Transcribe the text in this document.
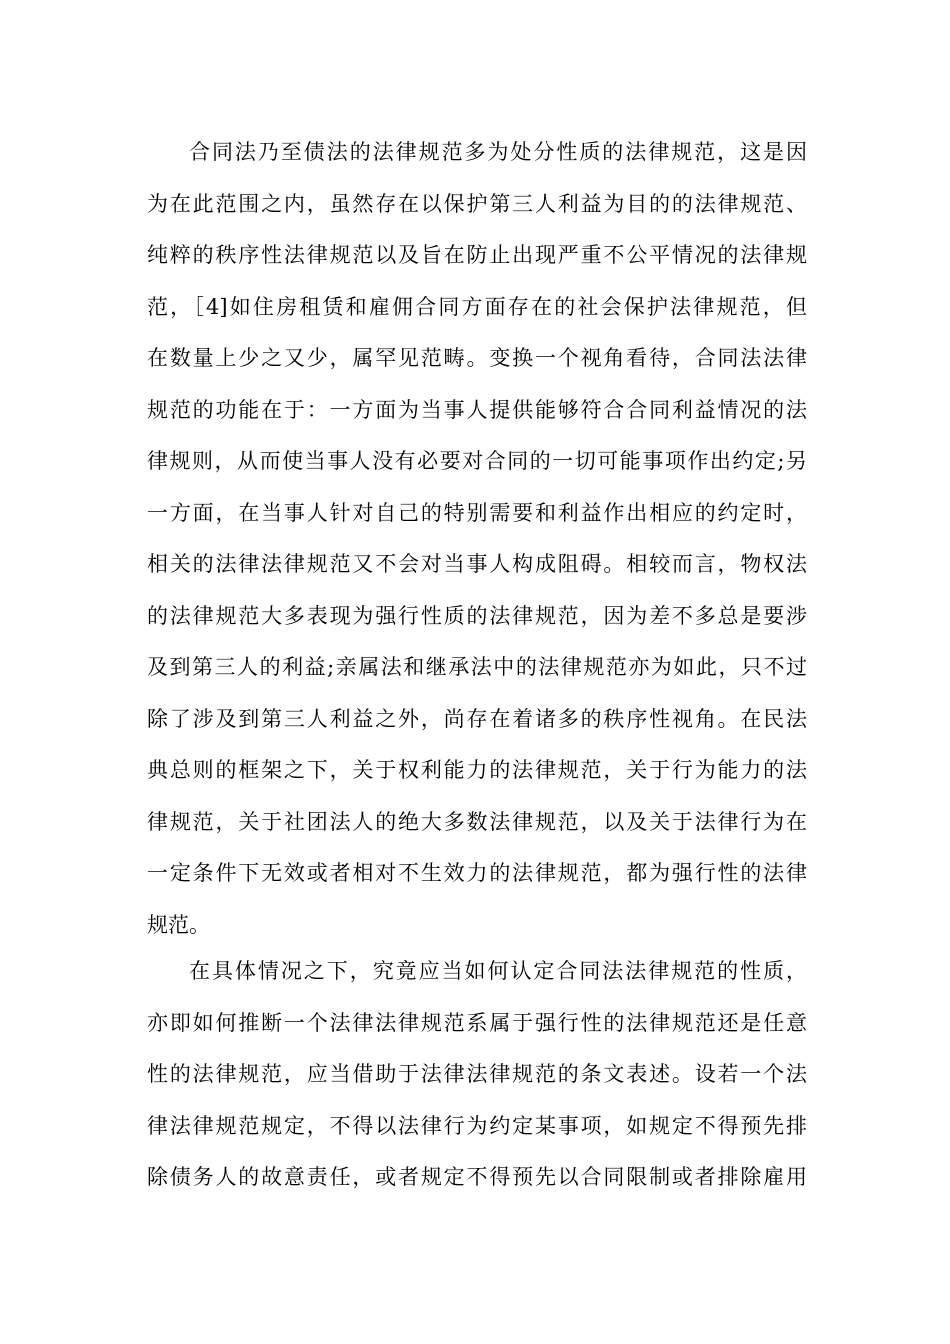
合同法乃至债法的法律规范多为处分性质的法律规范，这是因
为在此范围之内，虽然存在以保护第三人利益为目的的法律规范、
纯粹的秩序性法律规范以及旨在防止出现严重不公平情况的法律规
范，［4]如住房租赁和雇佣合同方面存在的社会保护法律规范，但
在数量上少之又少，属罕见范畴。变换一个视角看待，合同法法律
规范的功能在于：一方面为当事人提供能够符合合同利益情况的法
律规则，从而使当事人没有必要对合同的一切可能事项作出约定;另
一方面，在当事人针对自己的特别需要和利益作出相应的约定时，
相关的法律法律规范又不会对当事人构成阻碍。相较而言，物权法
的法律规范大多表现为强行性质的法律规范，因为差不多总是要涉
及到第三人的利益;亲属法和继承法中的法律规范亦为如此，只不过
除了涉及到第三人利益之外，尚存在着诸多的秩序性视角。在民法
典总则的框架之下，关于权利能力的法律规范，关于行为能力的法
律规范，关于社团法人的绝大多数法律规范，以及关于法律行为在
一定条件下无效或者相对不生效力的法律规范，都为强行性的法律
规范。
在具体情况之下，究竟应当如何认定合同法法律规范的性质，
亦即如何推断一个法律法律规范系属于强行性的法律规范还是任意
性的法律规范，应当借助于法律法律规范的条文表述。设若一个法
律法律规范规定，不得以法律行为约定某事项，如规定不得预先排
除债务人的故意责任，或者规定不得预先以合同限制或者排除雇用
